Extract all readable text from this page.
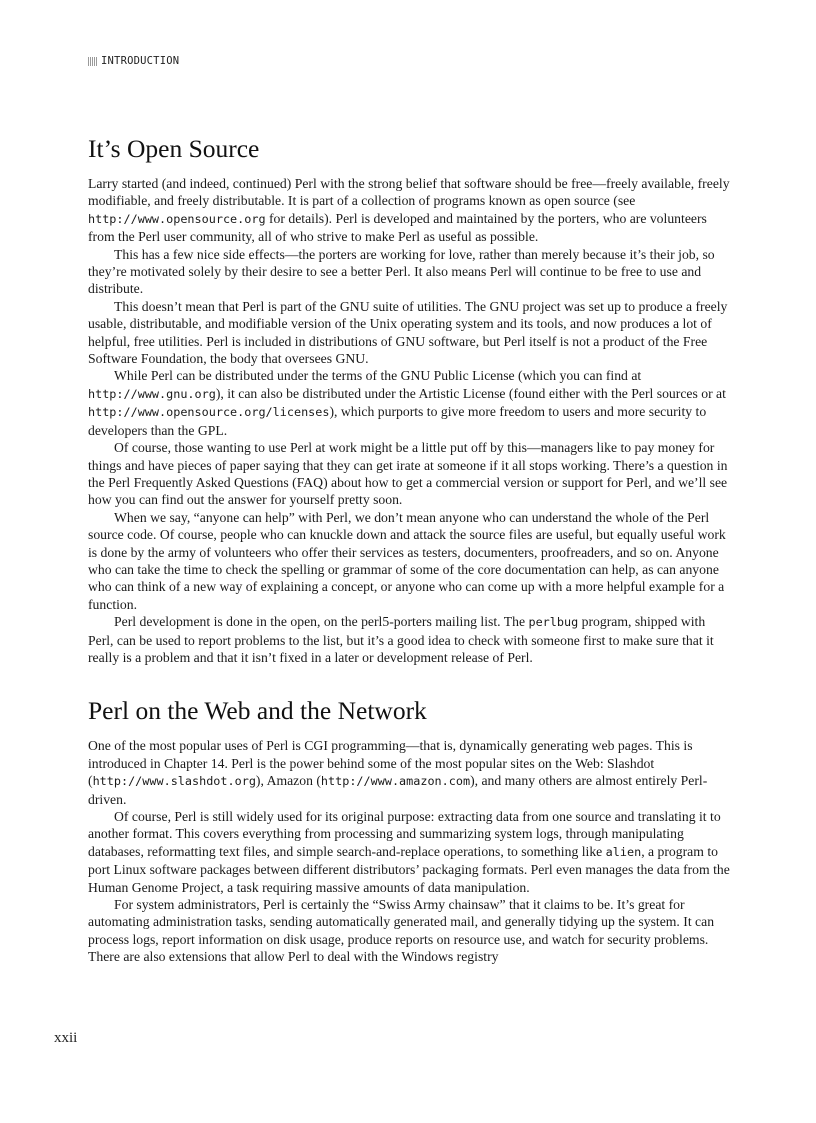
INTRODUCTION
It’s Open Source

Larry started (and indeed, continued) Perl with the strong belief that software should be free—freely available, freely modifiable, and freely distributable. It is part of a collection of programs known as open source (see http://www.opensource.org for details). Perl is developed and maintained by the porters, who are volunteers from the Perl user community, all of who strive to make Perl as useful as possible.

This has a few nice side effects—the porters are working for love, rather than merely because it’s their job, so they’re motivated solely by their desire to see a better Perl. It also means Perl will continue to be free to use and distribute.

This doesn’t mean that Perl is part of the GNU suite of utilities. The GNU project was set up to produce a freely usable, distributable, and modifiable version of the Unix operating system and its tools, and now produces a lot of helpful, free utilities. Perl is included in distributions of GNU software, but Perl itself is not a product of the Free Software Foundation, the body that oversees GNU.

While Perl can be distributed under the terms of the GNU Public License (which you can find at http://www.gnu.org), it can also be distributed under the Artistic License (found either with the Perl sources or at http://www.opensource.org/licenses), which purports to give more freedom to users and more security to developers than the GPL.

Of course, those wanting to use Perl at work might be a little put off by this—managers like to pay money for things and have pieces of paper saying that they can get irate at someone if it all stops working. There’s a question in the Perl Frequently Asked Questions (FAQ) about how to get a commercial version or support for Perl, and we’ll see how you can find out the answer for yourself pretty soon.

When we say, “anyone can help” with Perl, we don’t mean anyone who can understand the whole of the Perl source code. Of course, people who can knuckle down and attack the source files are useful, but equally useful work is done by the army of volunteers who offer their services as testers, documenters, proofreaders, and so on. Anyone who can take the time to check the spelling or grammar of some of the core documentation can help, as can anyone who can think of a new way of explaining a concept, or anyone who can come up with a more helpful example for a function.

Perl development is done in the open, on the perl5-porters mailing list. The perlbug program, shipped with Perl, can be used to report problems to the list, but it’s a good idea to check with someone first to make sure that it really is a problem and that it isn’t fixed in a later or development release of Perl.

Perl on the Web and the Network

One of the most popular uses of Perl is CGI programming—that is, dynamically generating web pages. This is introduced in Chapter 14. Perl is the power behind some of the most popular sites on the Web: Slashdot (http://www.slashdot.org), Amazon (http://www.amazon.com), and many others are almost entirely Perl-driven.

Of course, Perl is still widely used for its original purpose: extracting data from one source and translating it to another format. This covers everything from processing and summarizing system logs, through manipulating databases, reformatting text files, and simple search-and-replace operations, to something like alien, a program to port Linux software packages between different distributors’ packaging formats. Perl even manages the data from the Human Genome Project, a task requiring massive amounts of data manipulation.

For system administrators, Perl is certainly the “Swiss Army chainsaw” that it claims to be. It’s great for automating administration tasks, sending automatically generated mail, and generally tidying up the system. It can process logs, report information on disk usage, produce reports on resource use, and watch for security problems. There are also extensions that allow Perl to deal with the Windows registry

xxii
